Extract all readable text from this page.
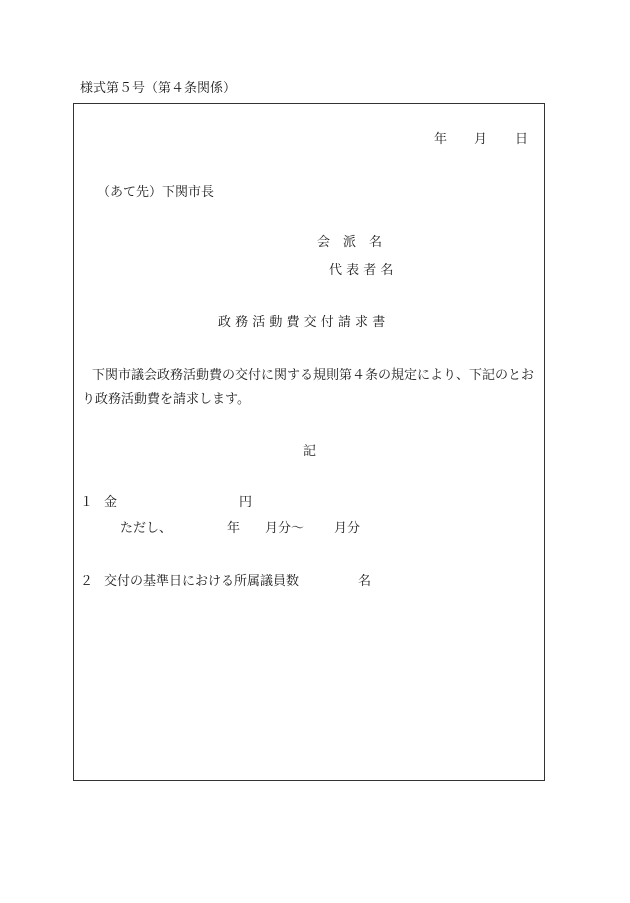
様式第５号（第４条関係）
年 月 日
（あて先）下関市長
会　派　名
代 表 者 名
政 務 活 動 費 交 付 請 求 書

下関市議会政務活動費の交付に関する規則第４条の規定により、下記のとおり政務活動費を請求します。

記
１ 金	円
ただし、	年 月分～ 月分
２ 交付の基準日における所属議員数	名
